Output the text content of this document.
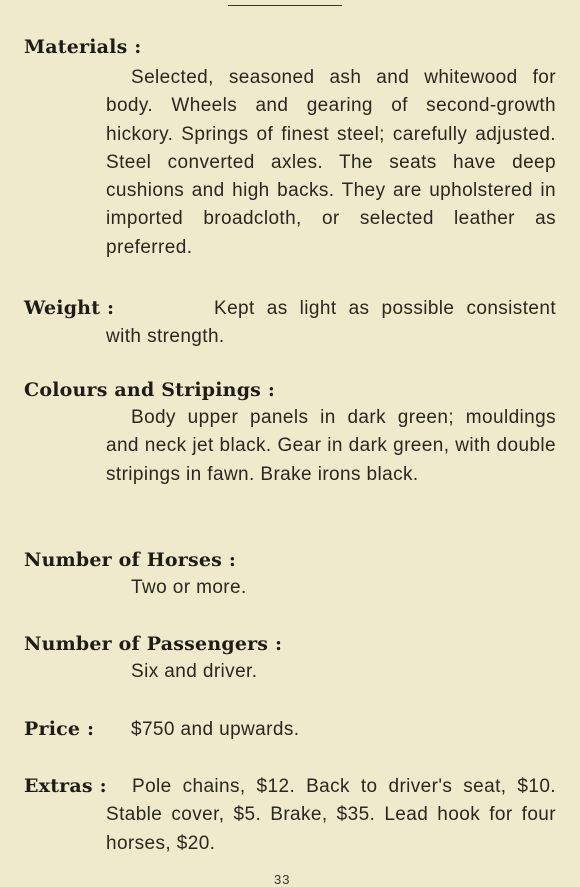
Materials :
Selected, seasoned ash and whitewood for body. Wheels and gearing of second-growth hickory. Springs of finest steel; carefully adjusted. Steel converted axles. The seats have deep cushions and high backs. They are upholstered in imported broadcloth, or selected leather as preferred.
Weight :	Kept as light as possible consistent with strength.
Colours and Stripings :
Body upper panels in dark green; mouldings and neck jet black. Gear in dark green, with double stripings in fawn. Brake irons black.
Number of Horses :
Two or more.
Number of Passengers :
Six and driver.
Price : $750 and upwards.
Extras :	Pole chains, $12. Back to driver's seat, $10. Stable cover, $5. Brake, $35. Lead hook for four horses, $20.
33
